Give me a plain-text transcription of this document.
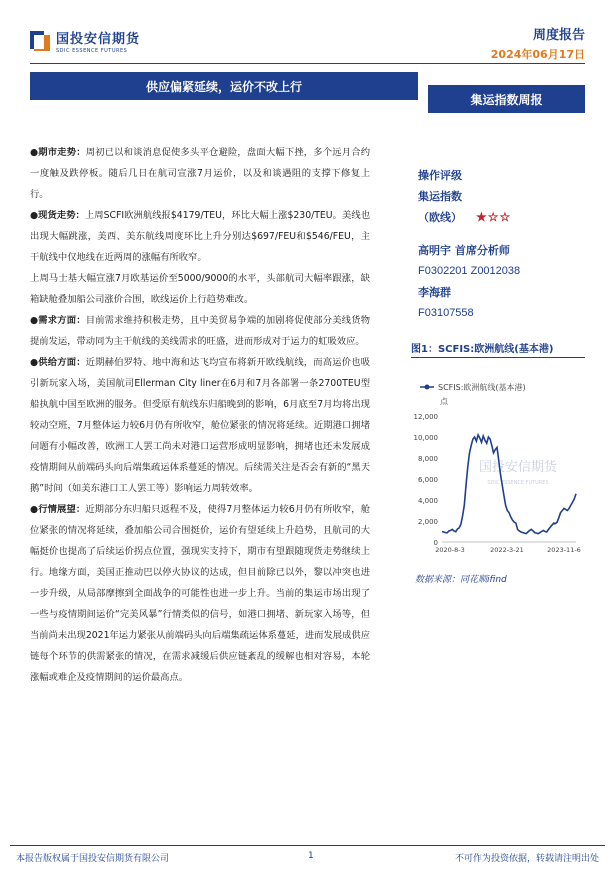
国投安信期货
SDIC ESSENCE FUTURES
周度报告
2024年06月17日
供应偏紧延续，运价不改上行
集运指数周报

●期市走势：周初已以和谈消息促使多头平仓避险，盘面大幅下挫，多个远月合约一度触及跌停板。随后几日在航司宣涨7月运价，以及和谈遇阻的支撑下修复上行。

●现货走势：上周SCFI欧洲航线报$4179/TEU，环比大幅上涨$230/TEU。美线也出现大幅跳涨，美西、美东航线周度环比上升分别达$697/FEU和$546/FEU，主干航线中仅地线在近两周的涨幅有所收窄。

上周马士基大幅宣涨7月欧基运价至5000/9000的水平，头部航司大幅率跟涨，缺箱缺舱叠加船公司涨价合围，欧线运价上行趋势难改。

●需求方面：目前需求维持积极走势，且中美贸易争端的加剧将促使部分美线货物提前发运，带动同为主干航线的美线需求的旺盛，进而形成对于运力的虹吸效应。

●供给方面：近期赫伯罗特、地中海和达飞均宣布将新开欧线航线，而高运价也吸引新玩家入场，美国航司Ellerman City liner在6月和7月各部署一条2700TEU型船执航中国至欧洲的服务。但受原有航线东归船晚到的影响，6月底至7月均将出现较动空班，7月整体运力较6月仍有所收窄，舱位紧张的情况将延续。近期港口拥堵问题有小幅改善，欧洲工人罢工尚未对港口运营形成明显影响，拥堵也还未发展成疫情期间从前端码头向后端集疏运体系蔓延的情况。后续需关注是否会有新的“黑天鹅”时间（如美东港口工人罢工等）影响运力周转效率。

●行情展望：近期部分东归船只返程不及，使得7月整体运力较6月仍有所收窄，舱位紧张的情况将延续，叠加船公司合围挺价，运价有望延续上升趋势，且航司的大幅挺价也提高了后续运价拐点位置，强现实支持下，期市有望跟随现货走势继续上行。地缘方面，美国正推动巴以停火协议的达成，但目前除已以外，黎以冲突也进一步升级，从局部摩擦到全面战争的可能性也进一步上升。当前的集运市场出现了一些与疫情期间运价“完美风暴”行情类似的信号，如港口拥堵、新玩家入场等，但当前尚未出现2021年运力紧张从前端码头向后端集疏运体系蔓延，进而发展成供应链每个环节的供需紧张的情况，在需求减缓后供应链紊乱的缓解也相对容易，本轮涨幅或难企及疫情期间的运价最高点。

操作评级
集运指数
（欧线） ★☆☆
高明宇 首席分析师
F0302201 Z0012038
李海群
F03107558
图1：SCFIS:欧洲航线(基本港)
国投安信期货
SDIC ESSENCE FUTURES
SCFIS:欧洲航线(基本港)
点
0
2,000
4,000
6,000
8,000
10,000
12,000
2020-8-3	2022-3-21	2023-11-6
数据来源：同花顺ifind
本报告版权属于国投安信期货有限公司	1	不可作为投资依据，转载请注明出处
